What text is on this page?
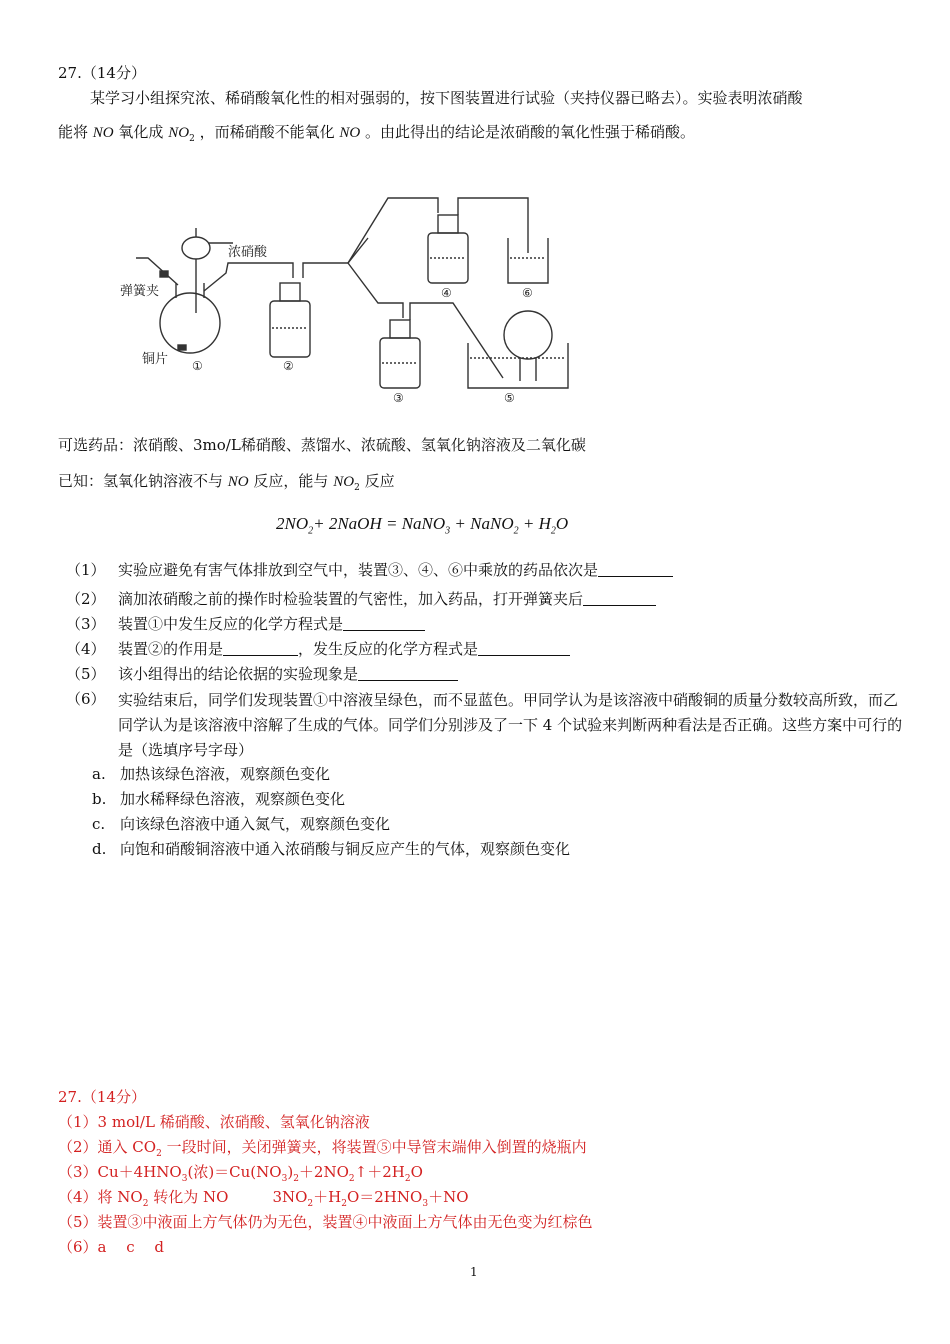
27.（14分）
某学习小组探究浓、稀硝酸氧化性的相对强弱的，按下图装置进行试验（夹持仪器已略去）。实验表明浓硝酸
能将 NO 氧化成 $NO_2$ ，而稀硝酸不能氧化 NO 。由此得出的结论是浓硝酸的氧化性强于稀硝酸。
浓硝酸
弹簧夹
铜片 ①	②
③
④
⑤
⑥
可选药品：浓硝酸、3mo/L稀硝酸、蒸馏水、浓硫酸、氢氧化钠溶液及二氧化碳
已知：氢氧化钠溶液不与 NO 反应，能与 $NO_2$ 反应
$2NO_2+$ 2NaOH = NaNO$_3$ + NaNO$_2$ + $H_2O$
（1） 实验应避免有害气体排放到空气中，装置③、④、⑥中乘放的药品依次是
（2） 滴加浓硝酸之前的操作时检验装置的气密性，加入药品，打开弹簧夹后
（3） 装置①中发生反应的化学方程式是
（4） 装置②的作用是	，发生反应的化学方程式是
（5） 该小组得出的结论依据的实验现象是
（6） 实验结束后，同学们发现装置①中溶液呈绿色，而不显蓝色。甲同学认为是该溶液中硝酸铜的质量分数较高所致，而乙同学认为是该溶液中溶解了生成的气体。同学们分别涉及了一下 4 个试验来判断两种看法是否正确。这些方案中可行的是（选填序号字母）
a. 加热该绿色溶液，观察颜色变化
b. 加水稀释绿色溶液，观察颜色变化
c. 向该绿色溶液中通入氮气，观察颜色变化
d. 向饱和硝酸铜溶液中通入浓硝酸与铜反应产生的气体，观察颜色变化
27.（14分）
（1）3 mol/L 稀硝酸、浓硝酸、氢氧化钠溶液
（2）通入 $CO_2$ 一段时间，关闭弹簧夹，将装置⑤中导管末端伸入倒置的烧瓶内
$(3)Cu+4HNO_3$(浓)$=Cu(NO_3)_2+2NO_2↑+2H_2O$
（4）将 $NO_2$ 转化为 NO	$3NO_2+H_2O=2HNO_3+NO$
（5）装置③中液面上方气体仍为无色，装置④中液面上方气体由无色变为红棕色
（6）a　 c　 d
1
